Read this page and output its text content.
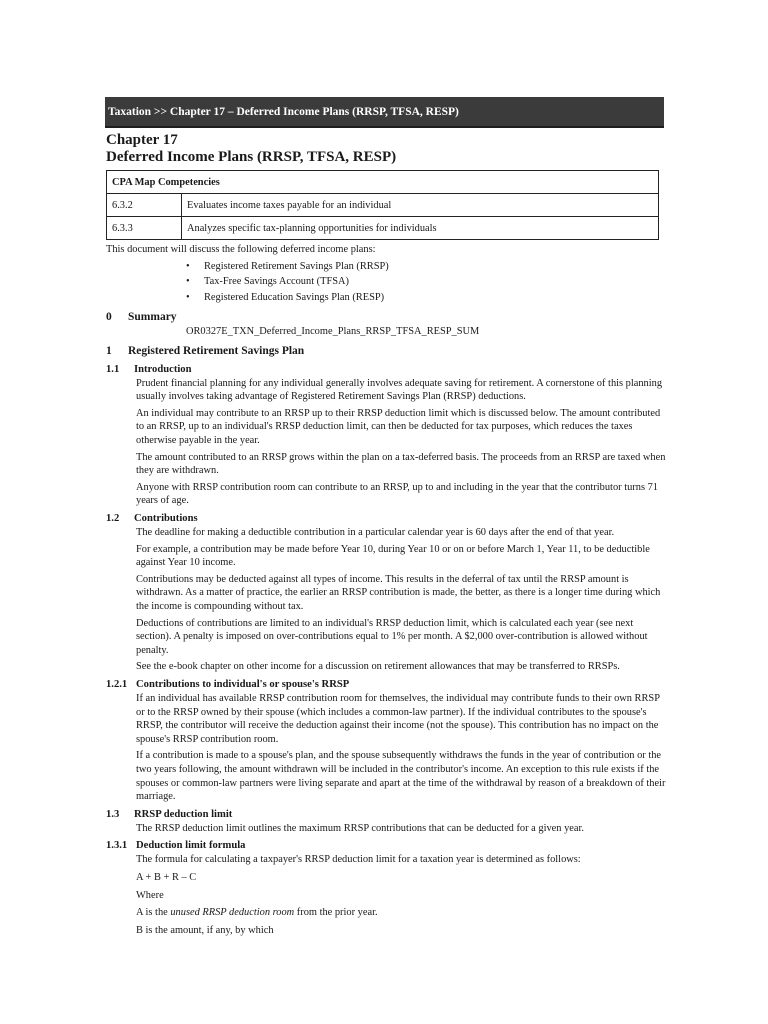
Taxation >> Chapter 17 – Deferred Income Plans (RRSP, TFSA, RESP)

Chapter 17

Deferred Income Plans (RRSP, TFSA, RESP)

CPA Map Competencies	
6.3.2	Evaluates income taxes payable for an individual
6.3.3	Analyzes specific tax-planning opportunities for individuals

This document will discuss the following deferred income plans:

• Registered Retirement Savings Plan (RRSP)
• Tax-Free Savings Account (TFSA)
• Registered Education Savings Plan (RESP)
0 Summary

OR0327E_TXN_Deferred_Income_Plans_RRSP_TFSA_RESP_SUM

1 Registered Retirement Savings Plan
1.1 Introduction

Prudent financial planning for any individual generally involves adequate saving for retirement. A cornerstone of this planning usually involves taking advantage of Registered Retirement Savings Plan (RRSP) deductions.

An individual may contribute to an RRSP up to their RRSP deduction limit which is discussed below. The amount contributed to an RRSP, up to an individual's RRSP deduction limit, can then be deducted for tax purposes, which reduces the taxes otherwise payable in the year.

The amount contributed to an RRSP grows within the plan on a tax-deferred basis. The proceeds from an RRSP are taxed when they are withdrawn.

Anyone with RRSP contribution room can contribute to an RRSP, up to and including in the year that the contributor turns 71 years of age.

1.2 Contributions

The deadline for making a deductible contribution in a particular calendar year is 60 days after the end of that year.

For example, a contribution may be made before Year 10, during Year 10 or on or before March 1, Year 11, to be deductible against Year 10 income.

Contributions may be deducted against all types of income. This results in the deferral of tax until the RRSP amount is withdrawn. As a matter of practice, the earlier an RRSP contribution is made, the better, as there is a longer time during which the income is compounding without tax.

Deductions of contributions are limited to an individual's RRSP deduction limit, which is calculated each year (see next section). A penalty is imposed on over-contributions equal to 1% per month. A $2,000 over-contribution is allowed without penalty.

See the e-book chapter on other income for a discussion on retirement allowances that may be transferred to RRSPs.

1.2.1 Contributions to individual's or spouse's RRSP

If an individual has available RRSP contribution room for themselves, the individual may contribute funds to their own RRSP or to the RRSP owned by their spouse (which includes a common-law partner). If the individual contributes to the spouse's RRSP, the contributor will receive the deduction against their income (not the spouse). This contribution has no impact on the spouse's RRSP contribution room.

If a contribution is made to a spouse's plan, and the spouse subsequently withdraws the funds in the year of contribution or the two years following, the amount withdrawn will be included in the contributor's income. An exception to this rule exists if the spouses or common-law partners were living separate and apart at the time of the withdrawal by reason of a breakdown of their marriage.

1.3 RRSP deduction limit

The RRSP deduction limit outlines the maximum RRSP contributions that can be deducted for a given year.

1.3.1 Deduction limit formula

The formula for calculating a taxpayer's RRSP deduction limit for a taxation year is determined as follows:

A + B + R – C

Where

A is the unused RRSP deduction room from the prior year.

B is the amount, if any, by which
